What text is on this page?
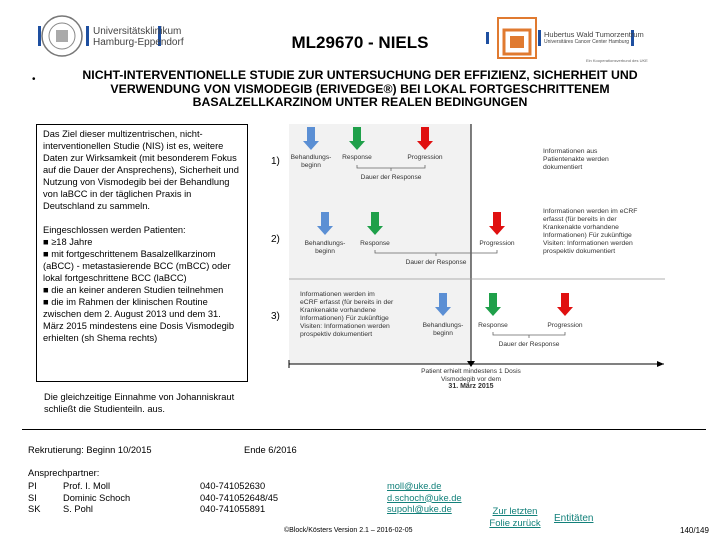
Universitätsklinikum
Hamburg-Eppendorf	ML29670 - NIELS	Hubertus Wald Tumorzentrum
Universitäres Cancer Center Hamburg
Ein Kooperationsverbund des UKE
•	NICHT-INTERVENTIONELLE STUDIE ZUR UNTERSUCHUNG DER EFFIZIENZ, SICHERHEIT UND VERWENDUNG VON VISMODEGIB (ERIVEDGE®) BEI LOKAL FORTGESCHRITTENEM BASALZELLKARZINOM UNTER REALEN BEDINGUNGEN

Das Ziel dieser multizentrischen, nicht-interventionellen Studie (NIS) ist es, weitere Daten zur Wirksamkeit (mit besonderem Fokus auf die Dauer der Ansprechens), Sicherheit und Nutzung von Vismodegib bei der Behandlung von laBCC in der täglichen Praxis in Deutschland zu sammeln.

Eingeschlossen werden Patienten:
■ ≥18 Jahre
■ mit fortgeschrittenem Basalzellkarzinom (aBCC) - metastasierende BCC (mBCC) oder lokal fortgeschrittene BCC (laBCC)
■ die an keiner anderen Studien teilnehmen
■ die im Rahmen der klinischen Routine zwischen dem 2. August 2013 und dem 31. März 2015 mindestens eine Dosis Vismodegib erhielten (sh Shema rechts)
Die gleichzeitige Einnahme von Johanniskraut schließt die Studienteiln. aus.
Behandlungs-beginn
Response	Progression
Dauer der Response
1)
Behandlungs-beginn
Response	Progression
Dauer der Response
2)
Behandlungs-beginn
Response	Progression
Dauer der Response
3)
Patient erhielt mindestens 1 Dosis Vismodegib vor dem
31. März 2015
Informationen aus Patientenakte werden dokumentiert
Informationen werden im eCRF erfasst (für bereits in der Krankenakte vorhandene Informationen) Für zukünftige Visiten: Informationen werden prospektiv dokumentiert
Informationen werden im eCRF erfasst (für bereits in der Krankenakte vorhandene Informationen) Für zukünftige Visiten: Informationen werden prospektiv dokumentiert
Rekrutierung: Beginn 10/2015	Ende 6/2016
Ansprechpartner:
PI	Prof. I. Moll	040-741052630	moll@uke.de
SI	Dominic Schoch	040-741052648/45	d.schoch@uke.de
SK S. Pohl	040-741055891	supohl@uke.de
©Block/Kösters Version 2.1 – 2016-02-05
Zur letzten Folie zurück	Entitäten
140/149
